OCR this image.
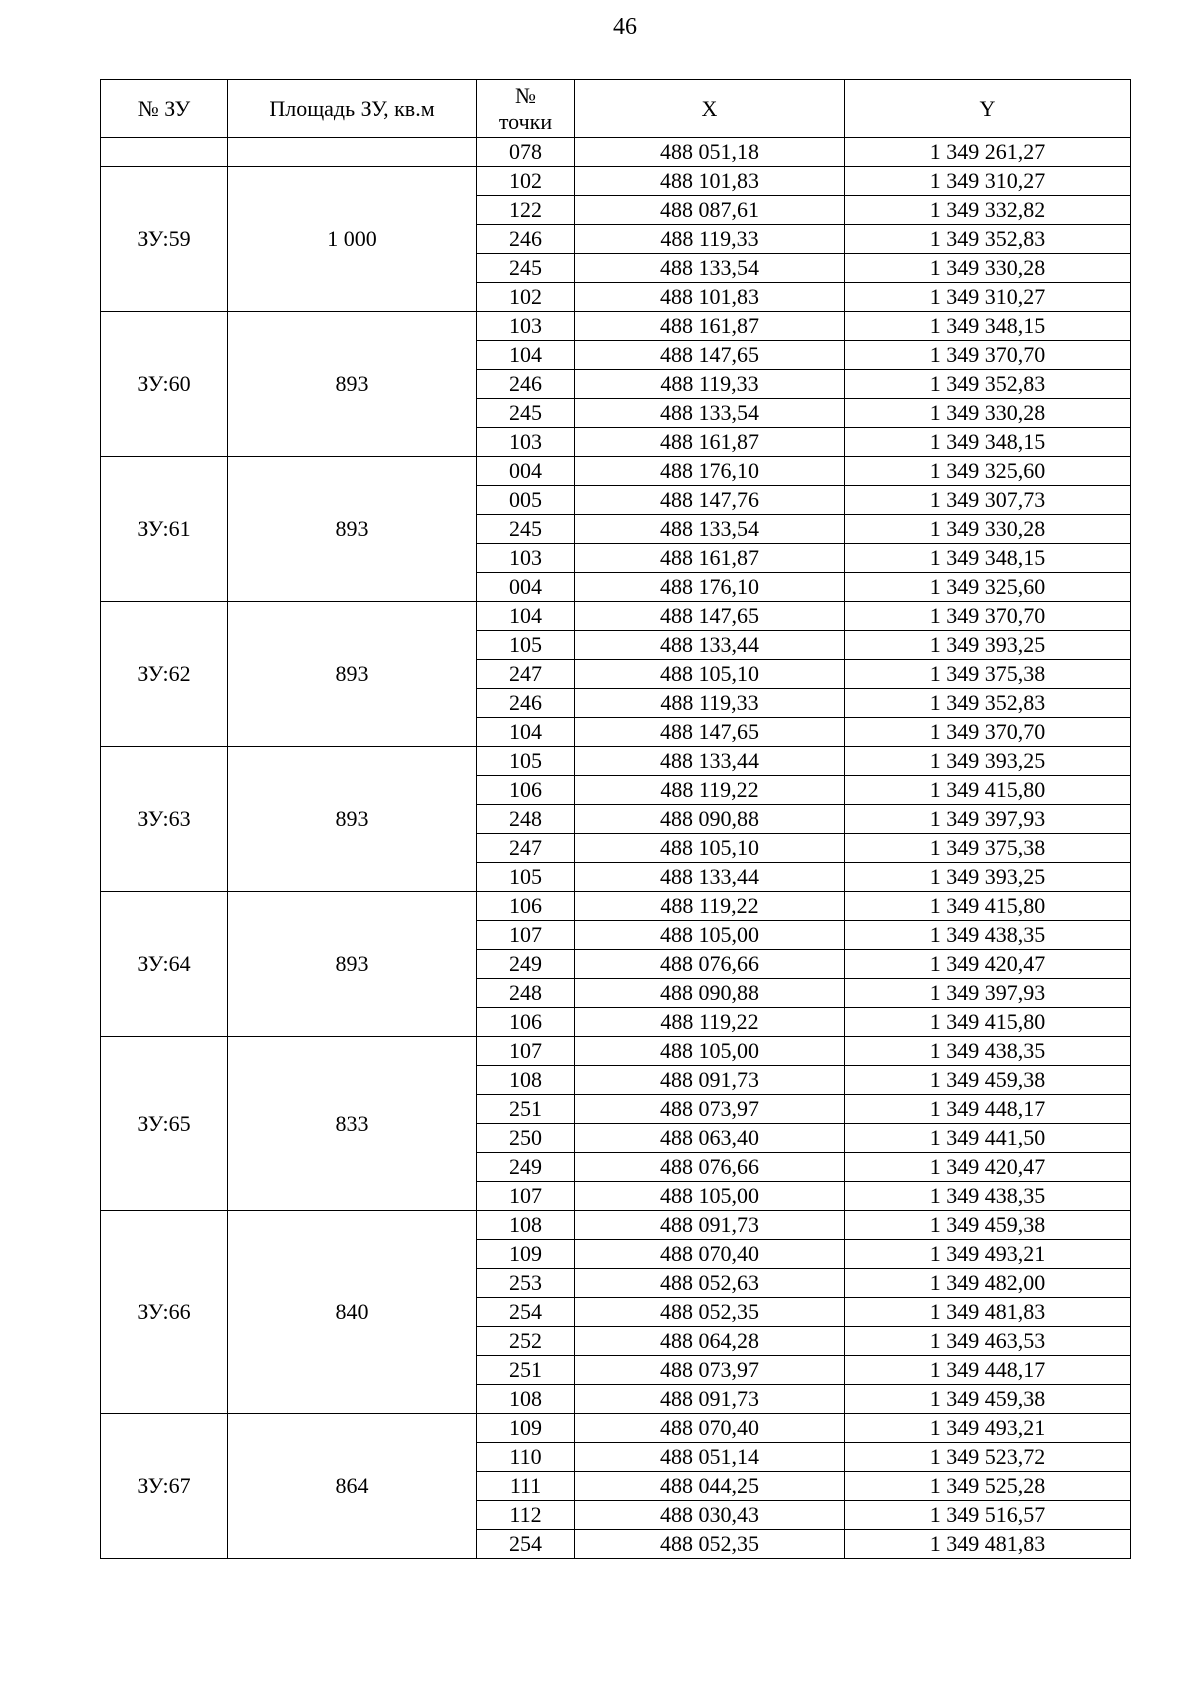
46
№ ЗУ	Площадь ЗУ, кв.м	№ точки	X	Y
		078	488 051,18	1 349 261,27
ЗУ:59	1 000	102	488 101,83	1 349 310,27
		122	488 087,61	1 349 332,82
		246	488 119,33	1 349 352,83
		245	488 133,54	1 349 330,28
		102	488 101,83	1 349 310,27
ЗУ:60	893	103	488 161,87	1 349 348,15
		104	488 147,65	1 349 370,70
		246	488 119,33	1 349 352,83
		245	488 133,54	1 349 330,28
		103	488 161,87	1 349 348,15
ЗУ:61	893	004	488 176,10	1 349 325,60
		005	488 147,76	1 349 307,73
		245	488 133,54	1 349 330,28
		103	488 161,87	1 349 348,15
		004	488 176,10	1 349 325,60
ЗУ:62	893	104	488 147,65	1 349 370,70
		105	488 133,44	1 349 393,25
		247	488 105,10	1 349 375,38
		246	488 119,33	1 349 352,83
		104	488 147,65	1 349 370,70
ЗУ:63	893	105	488 133,44	1 349 393,25
		106	488 119,22	1 349 415,80
		248	488 090,88	1 349 397,93
		247	488 105,10	1 349 375,38
		105	488 133,44	1 349 393,25
ЗУ:64	893	106	488 119,22	1 349 415,80
		107	488 105,00	1 349 438,35
		249	488 076,66	1 349 420,47
		248	488 090,88	1 349 397,93
		106	488 119,22	1 349 415,80
ЗУ:65	833	107	488 105,00	1 349 438,35
		108	488 091,73	1 349 459,38
		251	488 073,97	1 349 448,17
		250	488 063,40	1 349 441,50
		249	488 076,66	1 349 420,47
		107	488 105,00	1 349 438,35
ЗУ:66	840	108	488 091,73	1 349 459,38
		109	488 070,40	1 349 493,21
		253	488 052,63	1 349 482,00
		254	488 052,35	1 349 481,83
		252	488 064,28	1 349 463,53
		251	488 073,97	1 349 448,17
		108	488 091,73	1 349 459,38
ЗУ:67	864	109	488 070,40	1 349 493,21
		110	488 051,14	1 349 523,72
		111	488 044,25	1 349 525,28
		112	488 030,43	1 349 516,57
		254	488 052,35	1 349 481,83
